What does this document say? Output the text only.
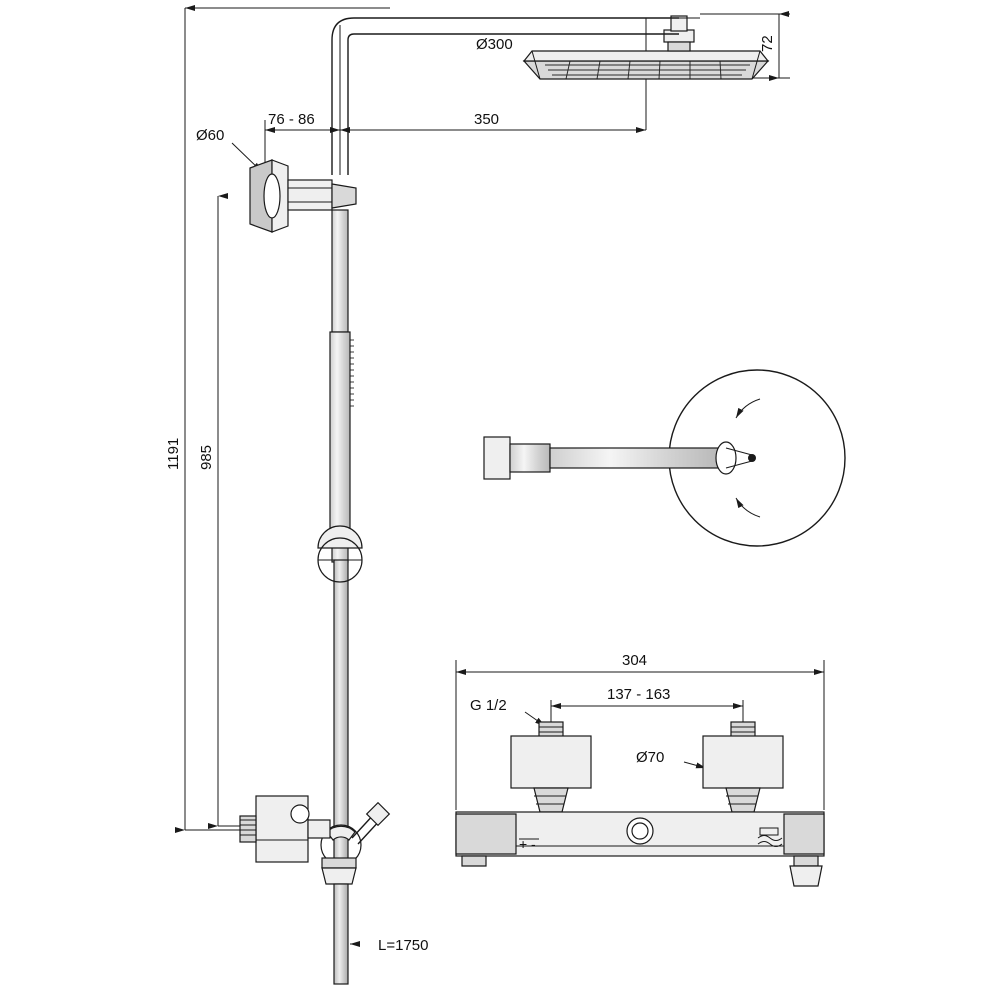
Ø300	72
350
76 - 86
Ø60
1191 985
L=1750
304
137 - 163
G 1/2
Ø70
+ -
